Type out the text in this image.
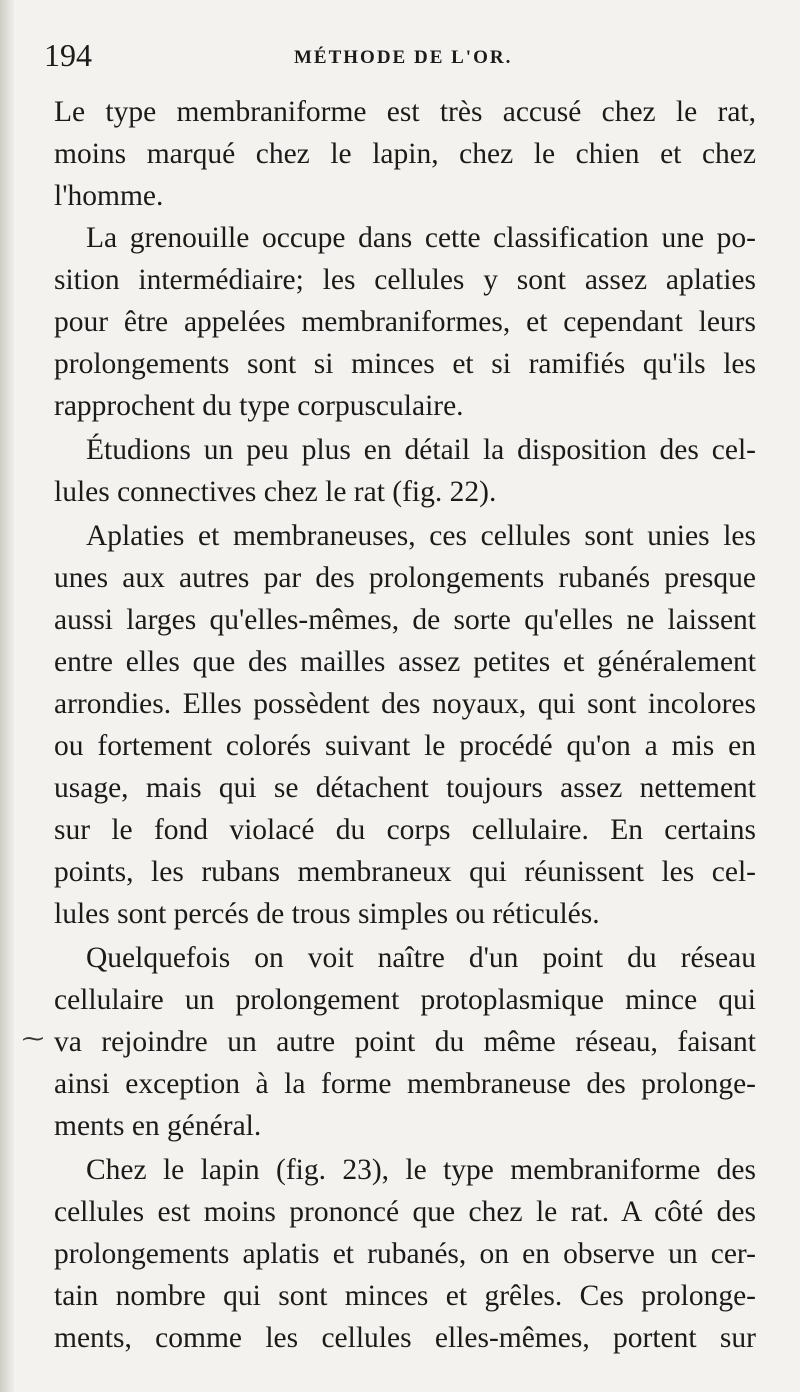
194	MÉTHODE DE L'OR.
Le type membraniforme est très accusé chez le rat,
moins marqué chez le lapin, chez le chien et chez
l'homme.
La grenouille occupe dans cette classification une po-
sition intermédiaire; les cellules y sont assez aplaties
pour être appelées membraniformes, et cependant leurs
prolongements sont si minces et si ramifiés qu'ils les
rapprochent du type corpusculaire.
Étudions un peu plus en détail la disposition des cel-
lules connectives chez le rat (fig. 22).
Aplaties et membraneuses, ces cellules sont unies les
unes aux autres par des prolongements rubanés presque
aussi larges qu'elles-mêmes, de sorte qu'elles ne laissent
entre elles que des mailles assez petites et généralement
arrondies. Elles possèdent des noyaux, qui sont incolores
ou fortement colorés suivant le procédé qu'on a mis en
usage, mais qui se détachent toujours assez nettement
sur le fond violacé du corps cellulaire. En certains
points, les rubans membraneux qui réunissent les cel-
lules sont percés de trous simples ou réticulés.
Quelquefois on voit naître d'un point du réseau
cellulaire un prolongement protoplasmique mince qui
va rejoindre un autre point du même réseau, faisant
ainsi exception à la forme membraneuse des prolonge-
ments en général.
Chez le lapin (fig. 23), le type membraniforme des
cellules est moins prononcé que chez le rat. A côté des
prolongements aplatis et rubanés, on en observe un cer-
tain nombre qui sont minces et grêles. Ces prolonge-
ments, comme les cellules elles-mêmes, portent sur
⁓
